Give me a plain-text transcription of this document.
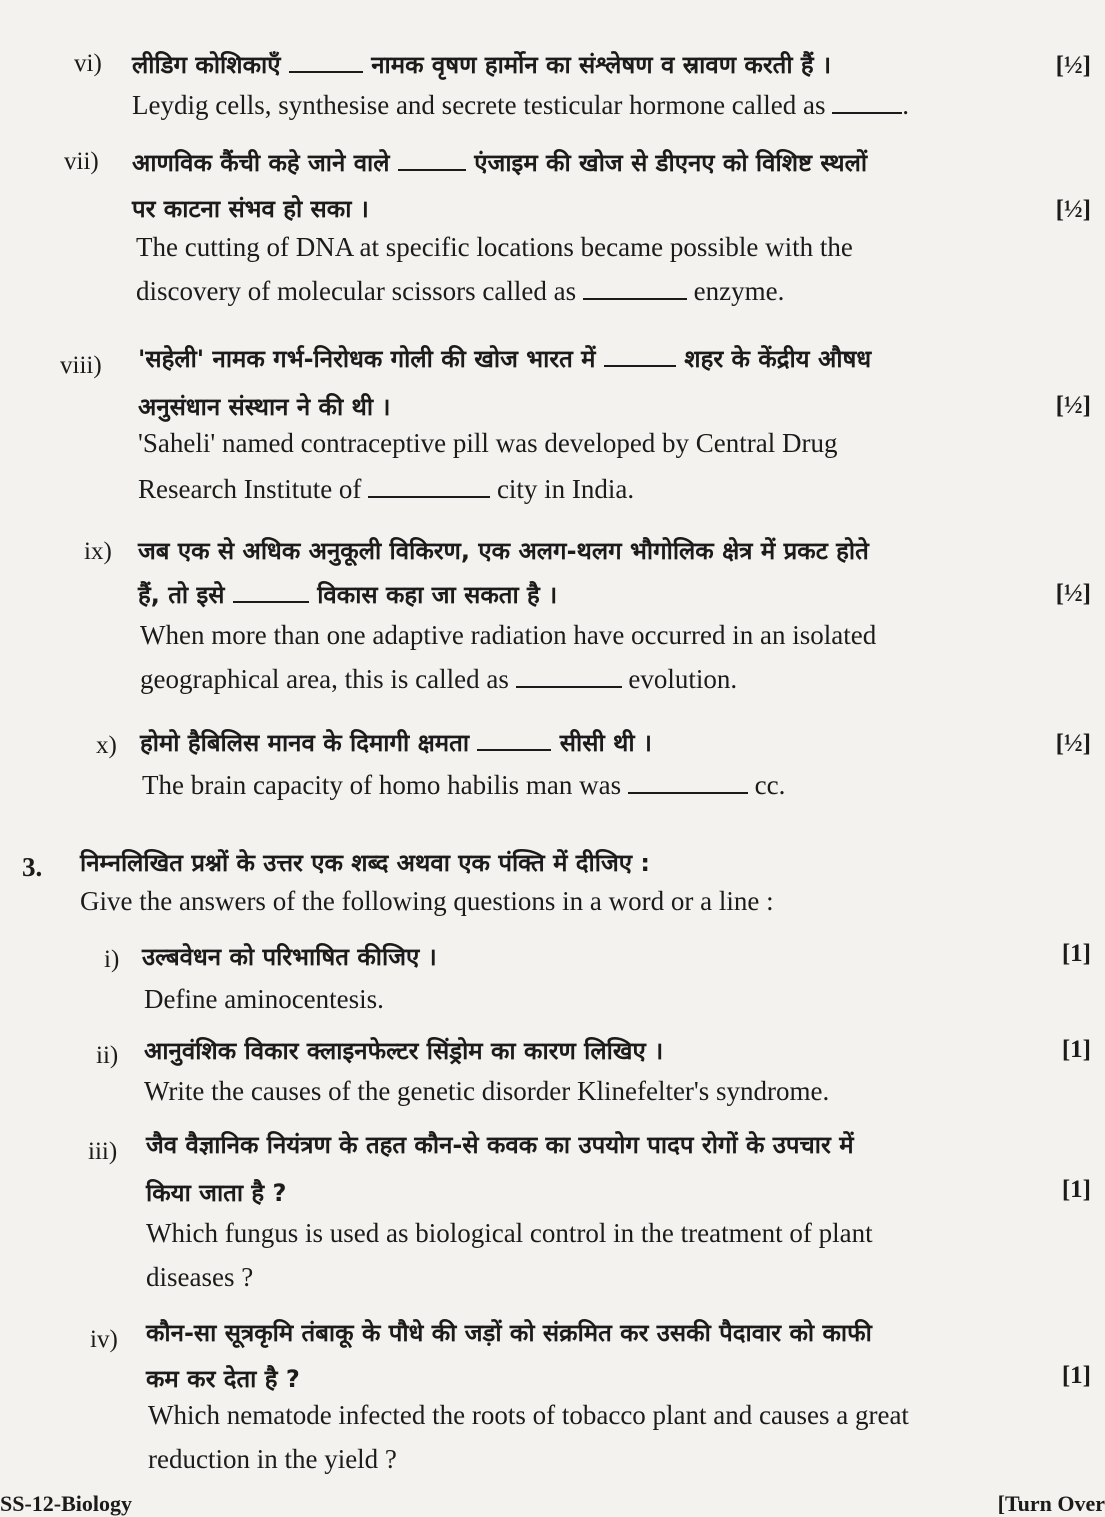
vi) लीडिग कोशिकाएँ	नामक वृषण हार्मोन का संश्लेषण व स्रावण करती हैं ।	[½]
Leydig cells, synthesise and secrete testicular hormone called as	.
vii) आणविक कैंची कहे जाने वाले	एंजाइम की खोज से डीएनए को विशिष्ट स्थलों
पर काटना संभव हो सका ।	[½]
The cutting of DNA at specific locations became possible with the
discovery of molecular scissors called as	enzyme.
viii) 'सहेली' नामक गर्भ-निरोधक गोली की खोज भारत में	शहर के केंद्रीय औषध
अनुसंधान संस्थान ने की थी ।	[½]
'Saheli' named contraceptive pill was developed by Central Drug
Research Institute of	city in India.
ix) जब एक से अधिक अनुकूली विकिरण, एक अलग-थलग भौगोलिक क्षेत्र में प्रकट होते
हैं, तो इसे	विकास कहा जा सकता है ।	[½]
When more than one adaptive radiation have occurred in an isolated
geographical area, this is called as	evolution.
x) होमो हैबिलिस मानव के दिमागी क्षमता	सीसी थी ।	[½]
The brain capacity of homo habilis man was	cc.
3. निम्नलिखित प्रश्नों के उत्तर एक शब्द अथवा एक पंक्ति में दीजिए :
Give the answers of the following questions in a word or a line :
i) उल्बवेधन को परिभाषित कीजिए ।	[1]
Define aminocentesis.
ii) आनुवंशिक विकार क्लाइनफेल्टर सिंड्रोम का कारण लिखिए ।	[1]
Write the causes of the genetic disorder Klinefelter's syndrome.
iii) जैव वैज्ञानिक नियंत्रण के तहत कौन-से कवक का उपयोग पादप रोगों के उपचार में
किया जाता है ?	[1]
Which fungus is used as biological control in the treatment of plant
diseases ?
iv) कौन-सा सूत्रकृमि तंबाकू के पौधे की जड़ों को संक्रमित कर उसकी पैदावार को काफी
कम कर देता है ?	[1]
Which nematode infected the roots of tobacco plant and causes a great
reduction in the yield ?
SS-12-Biology	[Turn Over
